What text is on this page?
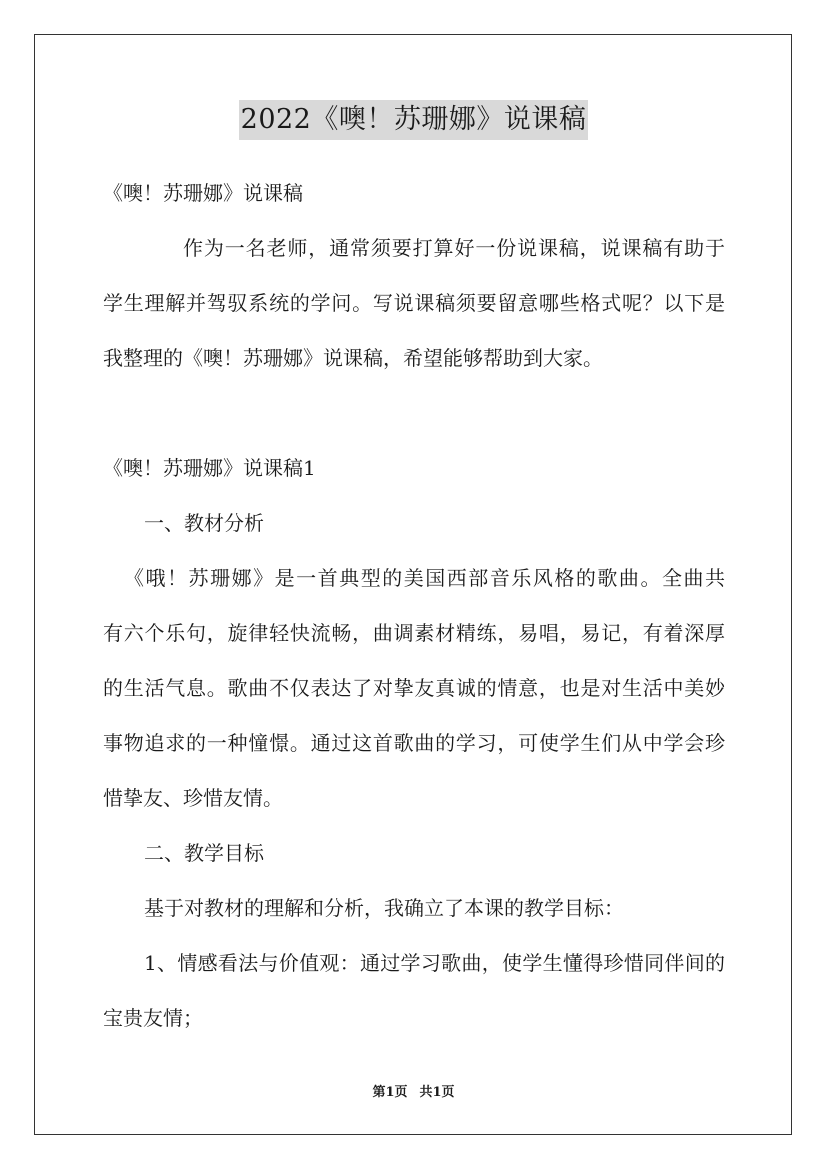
2022《噢！苏珊娜》说课稿
《噢！苏珊娜》说课稿
作为一名老师，通常须要打算好一份说课稿，说课稿有助于
学生理解并驾驭系统的学问。写说课稿须要留意哪些格式呢？以下是
我整理的《噢！苏珊娜》说课稿，希望能够帮助到大家。
《噢！苏珊娜》说课稿1
一、教材分析
《哦！苏珊娜》是一首典型的美国西部音乐风格的歌曲。全曲共
有六个乐句，旋律轻快流畅，曲调素材精练，易唱，易记，有着深厚
的生活气息。歌曲不仅表达了对挚友真诚的情意，也是对生活中美妙
事物追求的一种憧憬。通过这首歌曲的学习，可使学生们从中学会珍
惜挚友、珍惜友情。
二、教学目标
基于对教材的理解和分析，我确立了本课的教学目标：
1、情感看法与价值观：通过学习歌曲，使学生懂得珍惜同伴间的
宝贵友情；
第1页 共1页
